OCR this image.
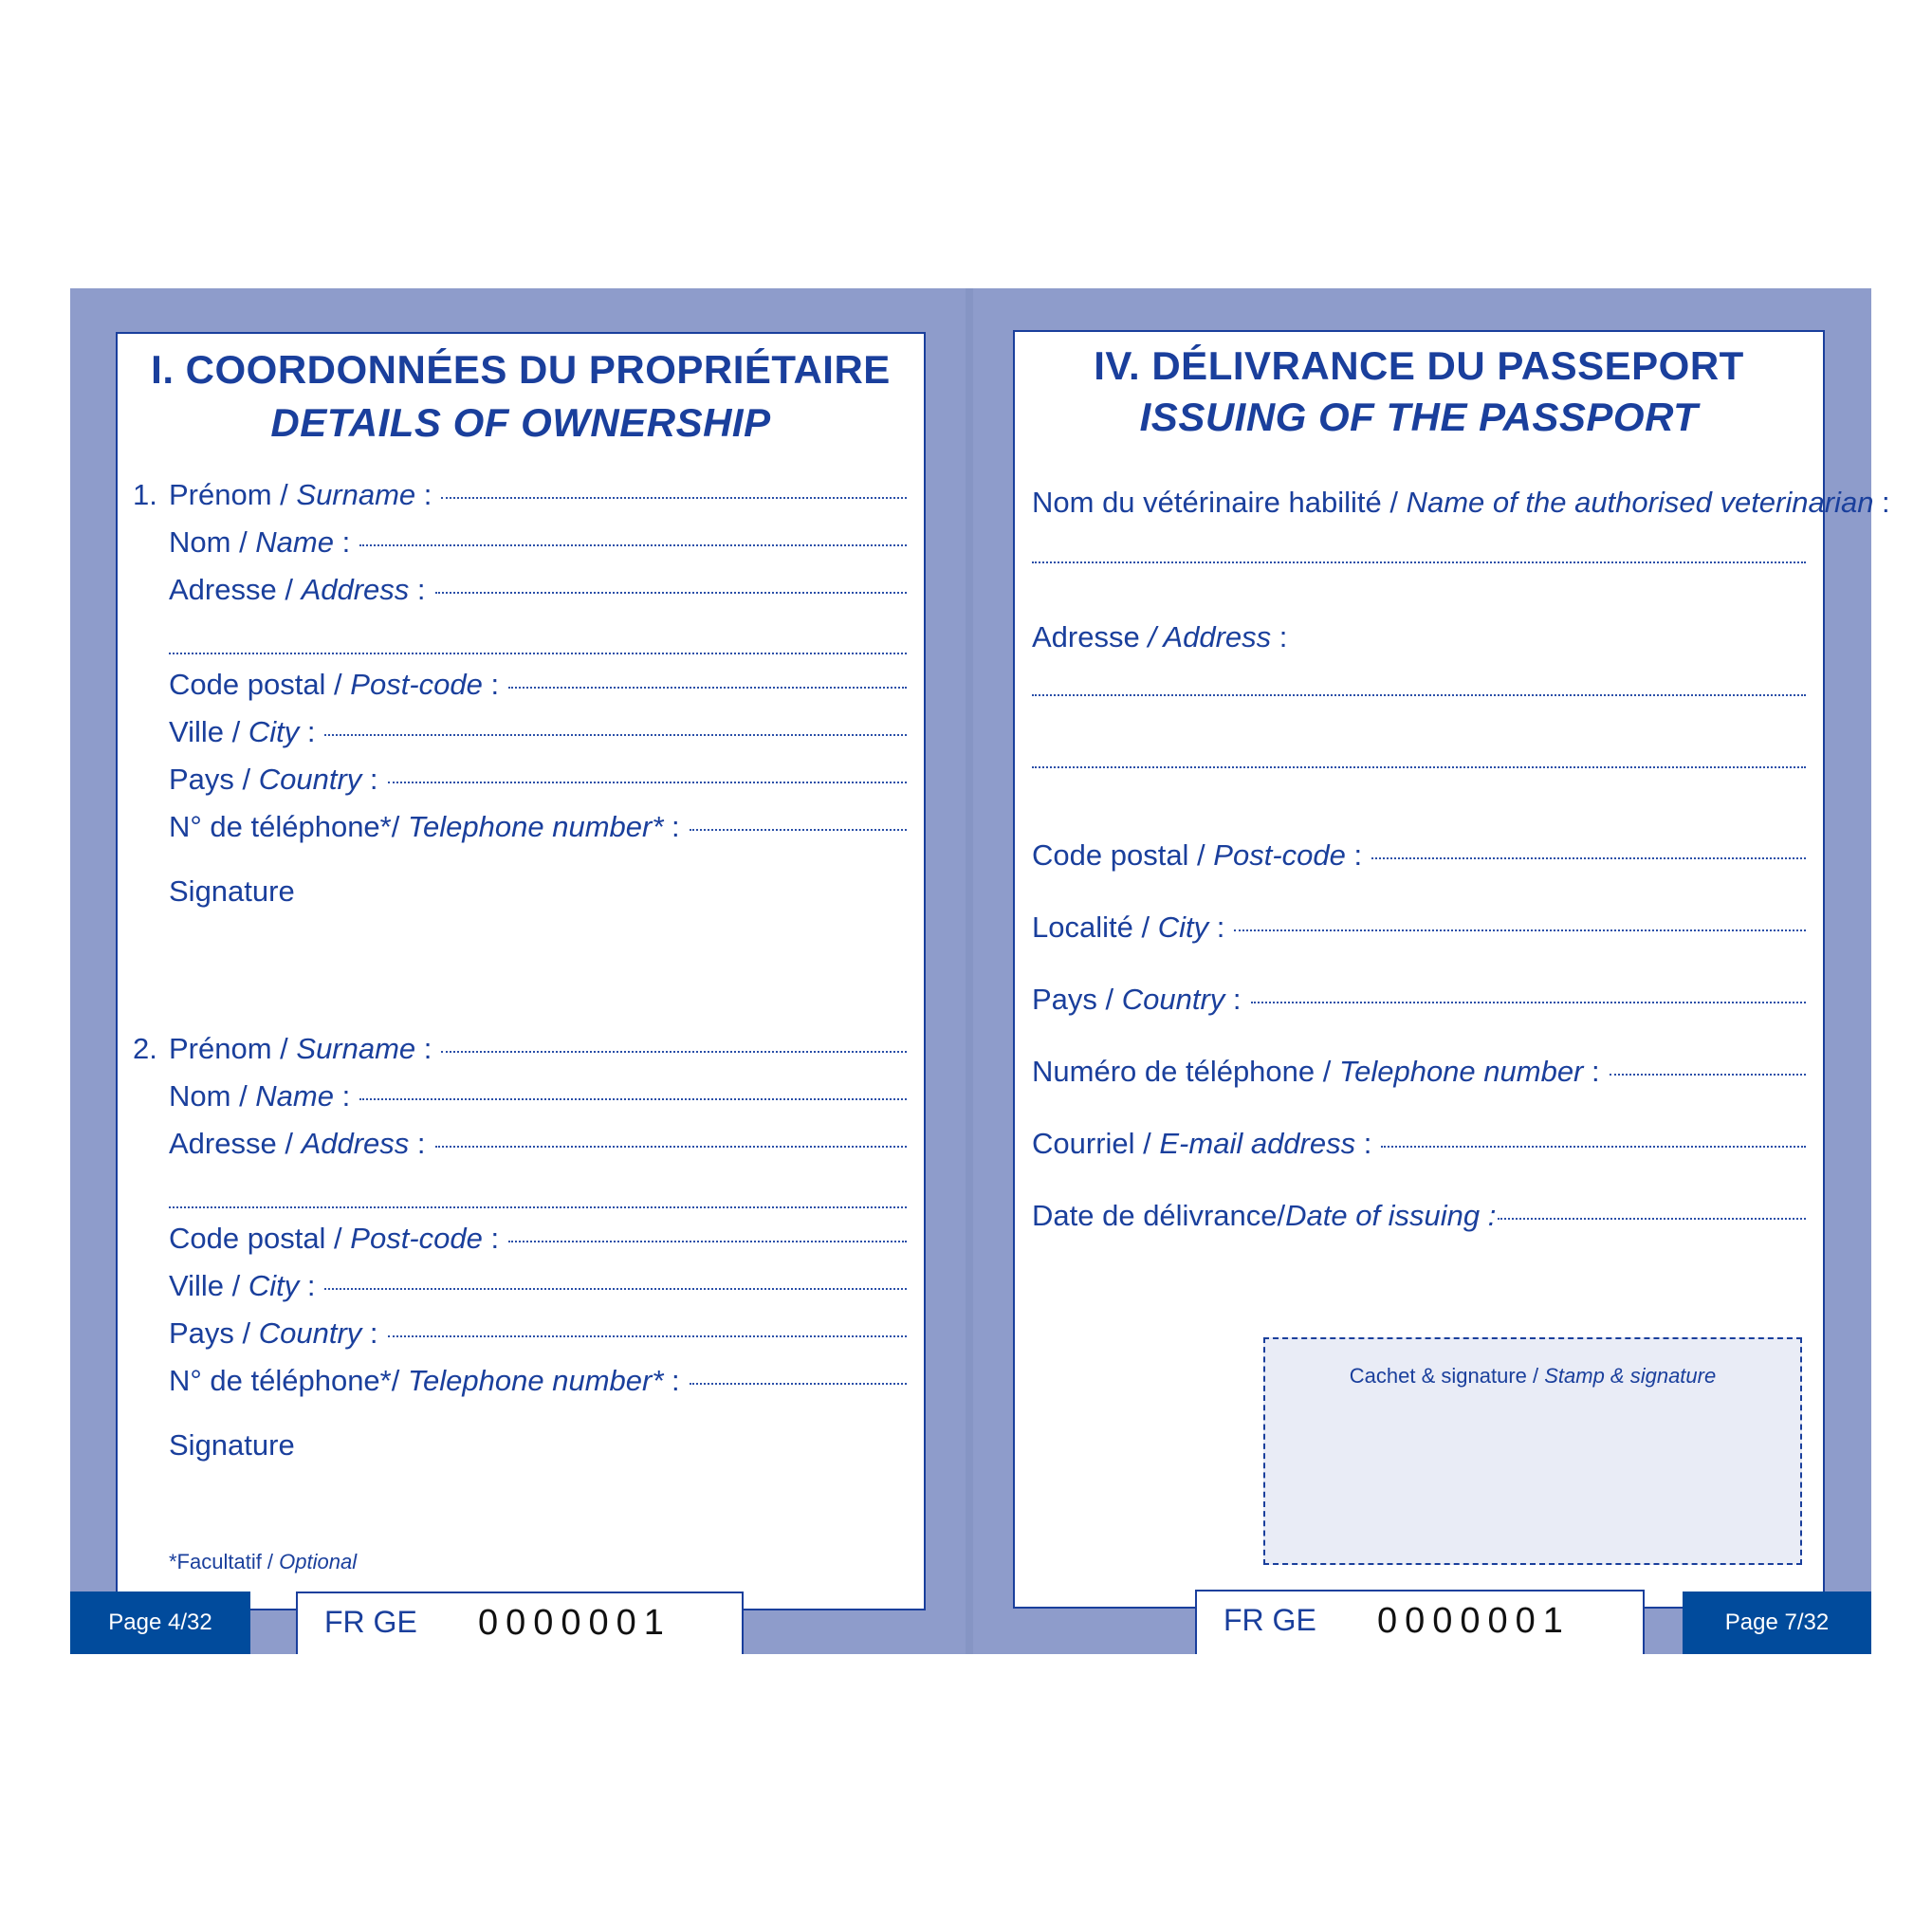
I. COORDONNÉES DU PROPRIÉTAIRE
DETAILS OF OWNERSHIP
1. Prénom / Surname :
Nom / Name :
Adresse / Address :
Code postal / Post-code :
Ville / City :
Pays / Country :
N° de téléphone*/ Telephone number* :
Signature
2. Prénom / Surname :
Nom / Name :
Adresse / Address :
Code postal / Post-code :
Ville / City :
Pays / Country :
N° de téléphone*/ Telephone number* :
Signature
*Facultatif / Optional
IV. DÉLIVRANCE DU PASSEPORT
ISSUING OF THE PASSPORT
Nom du vétérinaire habilité / Name of the authorised veterinarian :
Adresse / Address :
Code postal / Post-code :
Localité / City :
Pays / Country :
Numéro de téléphone / Telephone number :
Courriel / E-mail address :
Date de délivrance/Date of issuing :
Cachet & signature / Stamp & signature
Page 4/32	FR GE 0000001	FR GE 0000001	Page 7/32
